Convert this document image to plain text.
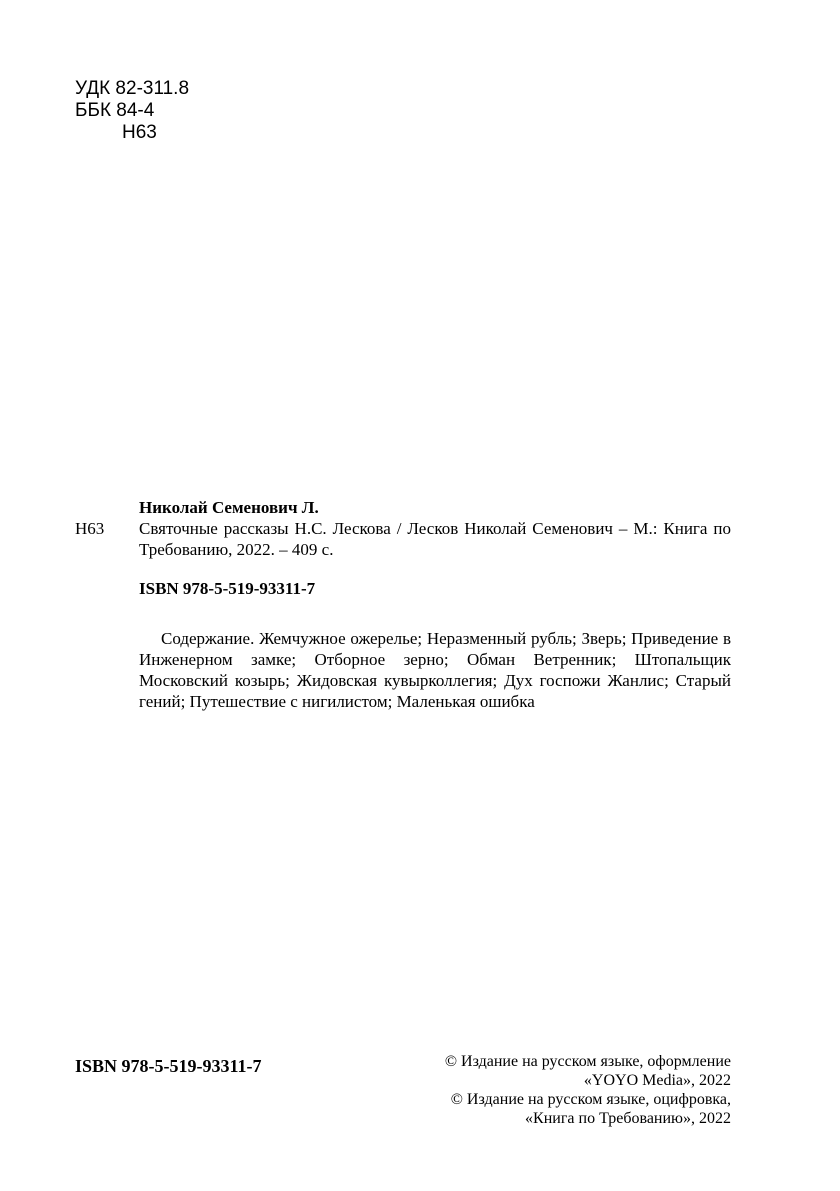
УДК 82-311.8
ББК 84-4
Н63
Николай Семенович Л.
Н63 Святочные рассказы Н.С. Лескова / Лесков Николай Семенович – М.: Книга по Требованию, 2022. – 409 с.
ISBN 978-5-519-93311-7
Содержание. Жемчужное ожерелье; Неразменный рубль; Зверь; Приведение в Инженерном замке; Отборное зерно; Обман Ветренник; Штопальщик Московский козырь; Жидовская кувырколлегия; Дух госпожи Жанлис; Старый гений; Путешествие с нигилистом; Маленькая ошибка
ISBN 978-5-519-93311-7	© Издание на русском языке, оформление
«YOYO Media», 2022
© Издание на русском языке, оцифровка,
«Книга по Требованию», 2022
